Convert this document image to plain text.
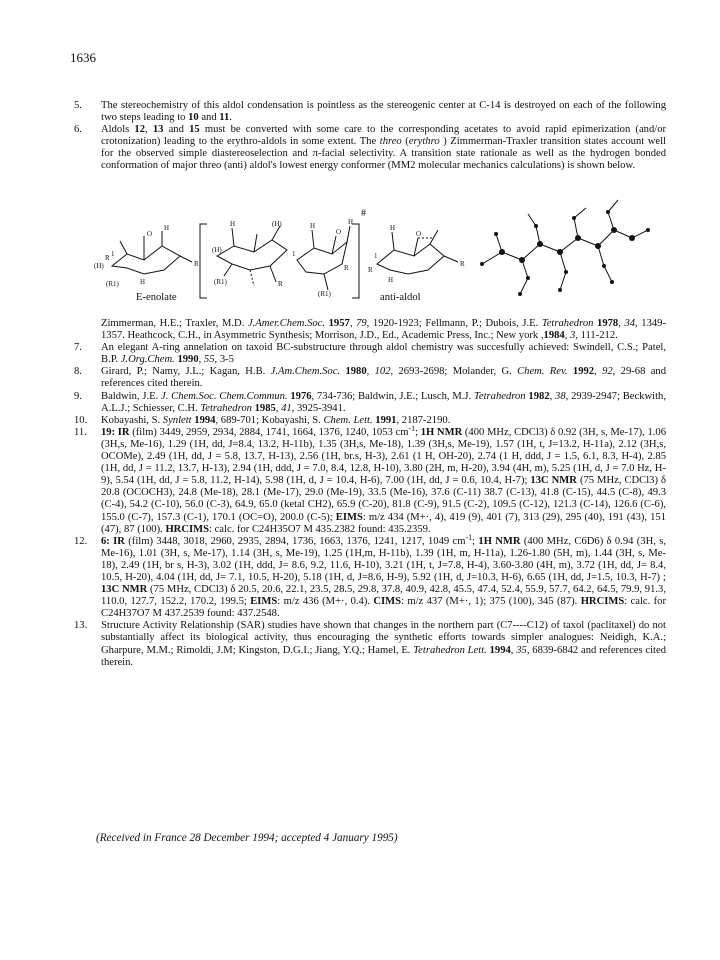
1636

5.	The stereochemistry of this aldol condensation is pointless as the stereogenic center at C-14 is destroyed on each of the following two steps leading to 10 and 11.

6.	Aldols 12, 13 and 15 must be converted with some care to the corresponding acetates to avoid rapid epimerization (and/or crotonization) leading to the erythro-aldols in some extent. The threo (erythro ) Zimmerman-Traxler transition states account well for the observed simple diastereoselection and π-facial selectivity. A transition state rationale as well as the hydrogen bonded conformation of major threo (anti) aldol's lowest energy conformer (MM2 molecular mechanics calculations) is shown below.

(H)
R 1
O
H
(R1)	H
R
(H)
H
(R1)	R
(H)
O
H	H
1
(R1)
R
1
H
O
R
H
R
#
E-enolate	anti-aldol

Zimmerman, H.E.; Traxler, M.D. J.Amer.Chem.Soc. 1957, 79, 1920-1923; Fellmann, P.; Dubois, J.E. Tetrahedron 1978, 34, 1349-1357. Heathcock, C.H., in Asymmetric Synthesis; Morrison, J.D., Ed., Academic Press, Inc.; New york ,1984, 3, 111-212.

7.	An elegant A-ring annelation on taxoid BC-substructure through aldol chemistry was succesfully achieved: Swindell, C.S.; Patel, B.P. J.Org.Chem. 1990, 55, 3-5

8.	Girard, P.; Namy, J.L.; Kagan, H.B. J.Am.Chem.Soc. 1980, 102, 2693-2698; Molander, G. Chem. Rev. 1992, 92, 29-68 and references cited therein.

9.	Baldwin, J.E. J. Chem.Soc. Chem.Commun. 1976, 734-736; Baldwin, J.E.; Lusch, M.J. Tetrahedron 1982, 38, 2939-2947; Beckwith, A.L.J.; Schiesser, C.H. Tetrahedron 1985, 41, 3925-3941.

10.	Kobayashi, S. Synlett 1994, 689-701; Kobayashi, S. Chem. Lett. 1991, 2187-2190.

11.	19: IR (film) 3449, 2959, 2934, 2884, 1741, 1664, 1376, 1240, 1053 $cm^{-1}$; 1H NMR (400 MHz, CDCl3) δ 0.92 (3H, s, Me-17), 1.06 (3H,s, Me-16), 1.29 (1H, dd, J=8.4, 13.2, H-11b), 1.35 (3H,s, Me-18), 1.39 (3H,s, Me-19), 1.57 (1H, t, J=13.2, H-11a), 2.12 (3H,s, OCOMe), 2.49 (1H, dd, J = 5.8, 13.7, H-13), 2.56 (1H, br.s, H-3), 2.61 (1 H, OH-20), 2.74 (1 H, ddd, J = 1.5, 6.1, 8.3, H-4), 2.85 (1H, dd, J = 11.2, 13.7, H-13), 2.94 (1H, ddd, J = 7.0, 8.4, 12.8, H-10), 3.80 (2H, m, H-20), 3.94 (4H, m), 5.25 (1H, d, J = 7.0 Hz, H-9), 5.54 (1H, dd, J = 5.8, 11.2, H-14), 5.98 (1H, d, J = 10.4, H-6), 7.00 (1H, dd, J = 0.6, 10.4, H-7); 13C NMR (75 MHz, CDCl3) δ 20.8 (OCOCH3), 24.8 (Me-18), 28.1 (Me-17), 29.0 (Me-19), 33.5 (Me-16), 37.6 (C-11) 38.7 (C-13), 41.8 (C-15), 44.5 (C-8), 49.3 (C-4), 54.2 (C-10), 56.0 (C-3), 64.9, 65.0 (ketal CH2), 65.9 (C-20), 81.8 (C-9), 91.5 (C-2), 109.5 (C-12), 121.3 (C-14), 126.6 (C-6), 155.0 (C-7), 157.3 (C-1), 170.1 (OC=O), 200.0 (C-5); EIMS: m/z 434 (M+·, 4), 419 (9), 401 (7), 313 (29), 295 (40), 191 (43), 151 (47), 87 (100). HRCIMS: calc. for C24H35O7 M 435.2382 found: 435.2359.

12.	6: IR (film) 3448, 3018, 2960, 2935, 2894, 1736, 1663, 1376, 1241, 1217, 1049 $cm^{-1}$; 1H NMR (400 MHz, C6D6) δ 0.94 (3H, s, Me-16), 1.01 (3H, s, Me-17), 1.14 (3H, s, Me-19), 1.25 (1H,m, H-11b), 1.39 (1H, m, H-11a), 1.26-1.80 (5H, m), 1.44 (3H, s, Me-18), 2.49 (1H, br s, H-3), 3.02 (1H, ddd, J= 8.6, 9.2, 11.6, H-10), 3.21 (1H, t, J=7.8, H-4), 3.60-3.80 (4H, m), 3.72 (1H, dd, J= 8.4, 10.5, H-20), 4.04 (1H, dd, J= 7.1, 10.5, H-20), 5.18 (1H, d, J=8.6, H-9), 5.92 (1H, d, J=10.3, H-6), 6.65 (1H, dd, J=1.5, 10.3, H-7) ; 13C NMR (75 MHz, CDCl3) δ 20.5, 20.6, 22.1, 23.5, 28.5, 29.8, 37.8, 40.9, 42.8, 45.5, 47.4, 52.4, 55.9, 57.7, 64.2, 64.5, 79.9, 91.3, 110.0, 127.7, 152.2, 170.2, 199.5; EIMS: m/z 436 (M+·, 0.4). CIMS: m/z 437 (M+·, 1); 375 (100), 345 (87). HRCIMS: calc. for C24H37O7 M 437.2539 found: 437.2548.

13.	Structure Activity Relationship (SAR) studies have shown that changes in the northern part (C7----C12) of taxol (paclitaxel) do not substantially affect its biological activity, thus encouraging the synthetic efforts towards simpler analogues: Neidigh, K.A.; Gharpure, M.M.; Rimoldi, J.M; Kingston, D.G.I.; Jiang, Y.Q.; Hamel, E. Tetrahedron Lett. 1994, 35, 6839-6842 and references cited therein.

(Received in France 28 December 1994; accepted 4 January 1995)
